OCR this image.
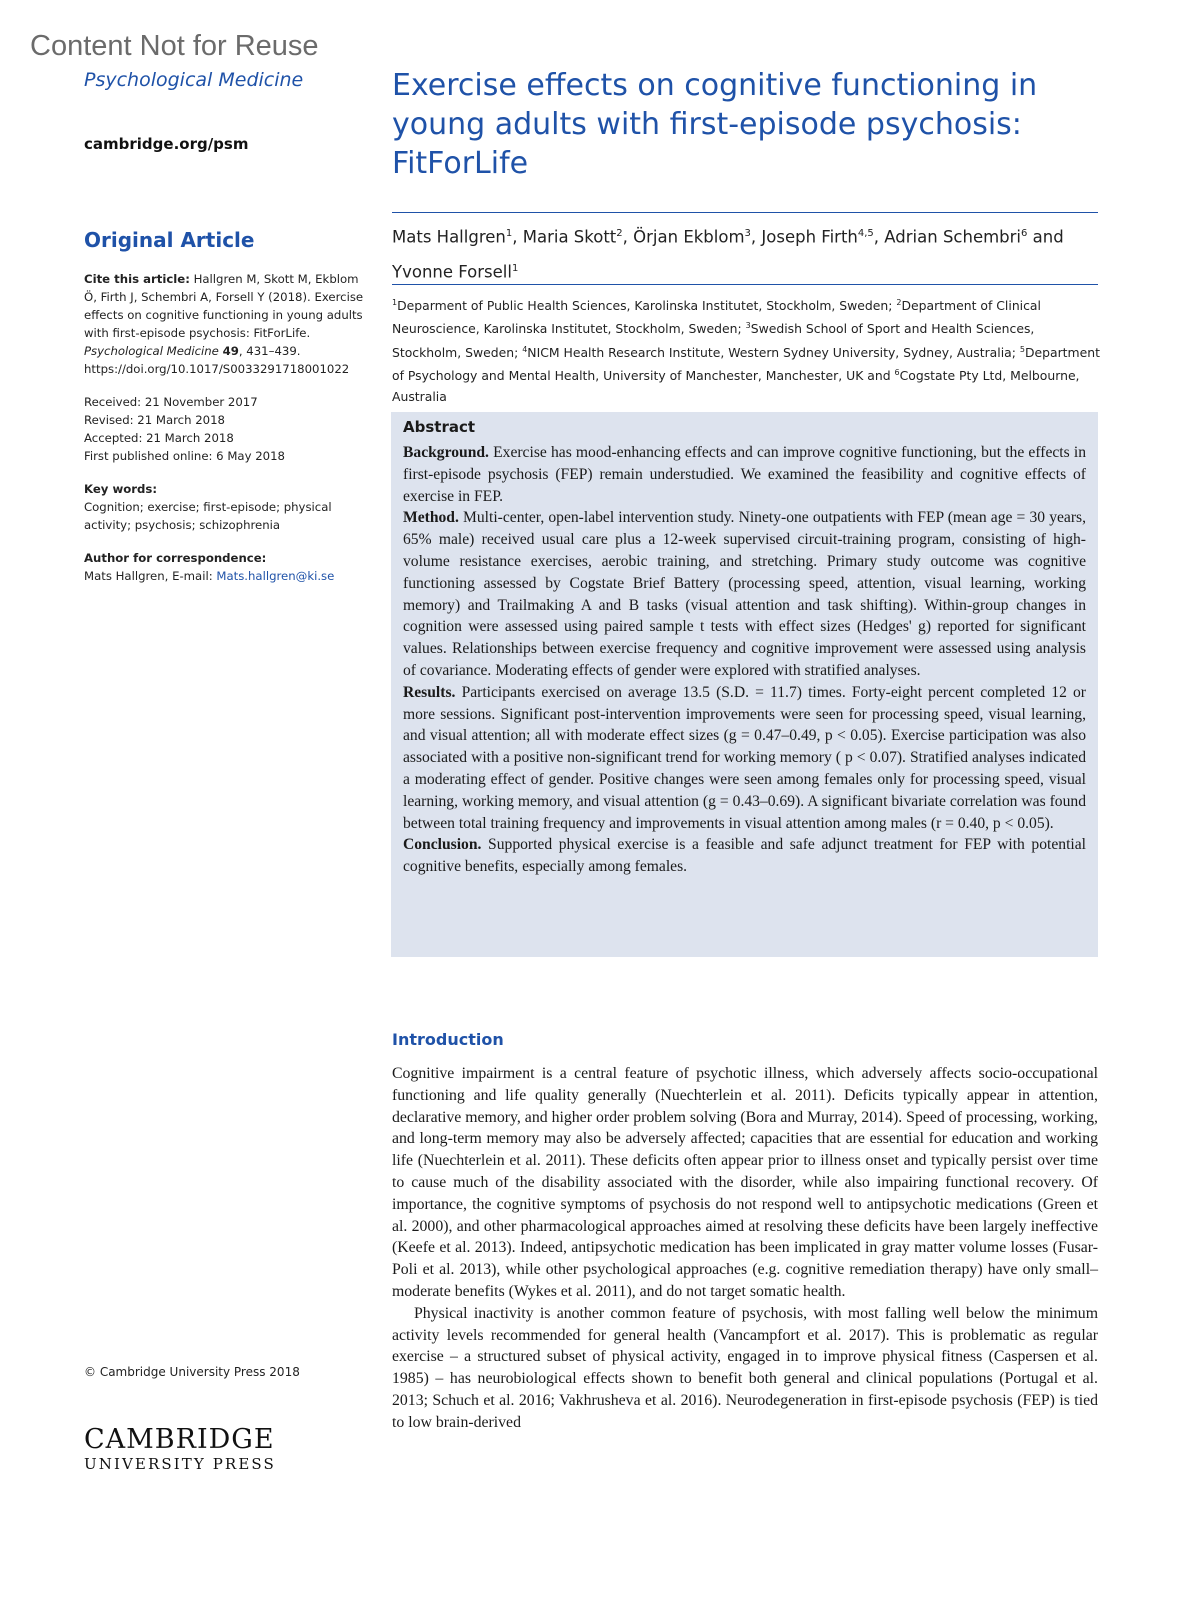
Content Not for Reuse
Psychological Medicine
cambridge.org/psm
Exercise effects on cognitive functioning in young adults with first-episode psychosis: FitForLife
Mats Hallgren$^1$, Maria Skott$^2$, Örjan Ekblom$^3$, Joseph Firth$^{4,5}$, Adrian Schembri$^6$ and Yvonne Forsell$^1$
$^1$Deparment of Public Health Sciences, Karolinska Institutet, Stockholm, Sweden; $^2$Department of Clinical Neuroscience, Karolinska Institutet, Stockholm, Sweden; $^3$Swedish School of Sport and Health Sciences, Stockholm, Sweden; $^4$NICM Health Research Institute, Western Sydney University, Sydney, Australia; $^5$Department of Psychology and Mental Health, University of Manchester, Manchester, UK and $^6$Cogstate Pty Ltd, Melbourne, Australia
Original Article
Cite this article: Hallgren M, Skott M, Ekblom Ö, Firth J, Schembri A, Forsell Y (2018). Exercise effects on cognitive functioning in young adults with first-episode psychosis: FitForLife. Psychological Medicine 49, 431–439. https://doi.org/10.1017/S0033291718001022
Received: 21 November 2017
Revised: 21 March 2018
Accepted: 21 March 2018
First published online: 6 May 2018
Key words:
Cognition; exercise; first-episode; physical activity; psychosis; schizophrenia
Author for correspondence:
Mats Hallgren, E-mail: Mats.hallgren@ki.se
Abstract
Background. Exercise has mood-enhancing effects and can improve cognitive functioning, but the effects in first-episode psychosis (FEP) remain understudied. We examined the feasibility and cognitive effects of exercise in FEP.
Method. Multi-center, open-label intervention study. Ninety-one outpatients with FEP (mean age = 30 years, 65% male) received usual care plus a 12-week supervised circuit-training program, consisting of high-volume resistance exercises, aerobic training, and stretching. Primary study outcome was cognitive functioning assessed by Cogstate Brief Battery (processing speed, attention, visual learning, working memory) and Trailmaking A and B tasks (visual attention and task shifting). Within-group changes in cognition were assessed using paired sample t tests with effect sizes (Hedges' g) reported for significant values. Relationships between exercise frequency and cognitive improvement were assessed using analysis of covariance. Moderating effects of gender were explored with stratified analyses.
Results. Participants exercised on average 13.5 (S.D. = 11.7) times. Forty-eight percent completed 12 or more sessions. Significant post-intervention improvements were seen for processing speed, visual learning, and visual attention; all with moderate effect sizes (g = 0.47–0.49, p < 0.05). Exercise participation was also associated with a positive non-significant trend for working memory ( p < 0.07). Stratified analyses indicated a moderating effect of gender. Positive changes were seen among females only for processing speed, visual learning, working memory, and visual attention (g = 0.43–0.69). A significant bivariate correlation was found between total training frequency and improvements in visual attention among males (r = 0.40, p < 0.05).
Conclusion. Supported physical exercise is a feasible and safe adjunct treatment for FEP with potential cognitive benefits, especially among females.
Introduction
Cognitive impairment is a central feature of psychotic illness, which adversely affects socio-occupational functioning and life quality generally (Nuechterlein et al. 2011). Deficits typically appear in attention, declarative memory, and higher order problem solving (Bora and Murray, 2014). Speed of processing, working, and long-term memory may also be adversely affected; capacities that are essential for education and working life (Nuechterlein et al. 2011). These deficits often appear prior to illness onset and typically persist over time to cause much of the disability associated with the disorder, while also impairing functional recovery. Of importance, the cognitive symptoms of psychosis do not respond well to antipsychotic medications (Green et al. 2000), and other pharmacological approaches aimed at resolving these deficits have been largely ineffective (Keefe et al. 2013). Indeed, antipsychotic medication has been implicated in gray matter volume losses (Fusar-Poli et al. 2013), while other psychological approaches (e.g. cognitive remediation therapy) have only small–moderate benefits (Wykes et al. 2011), and do not target somatic health.
Physical inactivity is another common feature of psychosis, with most falling well below the minimum activity levels recommended for general health (Vancampfort et al. 2017). This is problematic as regular exercise – a structured subset of physical activity, engaged in to improve physical fitness (Caspersen et al. 1985) – has neurobiological effects shown to benefit both general and clinical populations (Portugal et al. 2013; Schuch et al. 2016; Vakhrusheva et al. 2016). Neurodegeneration in first-episode psychosis (FEP) is tied to low brain-derived
© Cambridge University Press 2018
CAMBRIDGE
UNIVERSITY PRESS
